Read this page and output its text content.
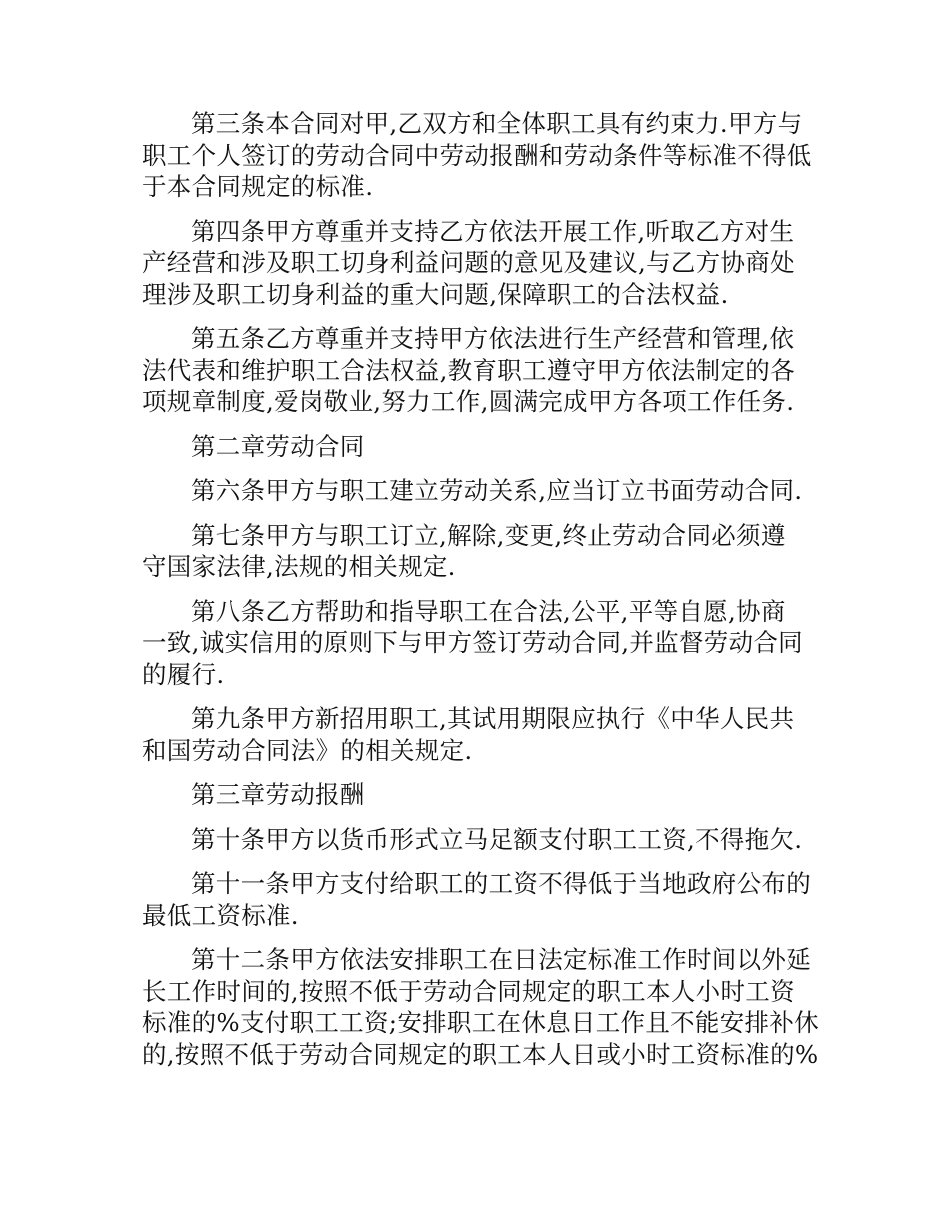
第三条本合同对甲,乙双方和全体职工具有约束力.甲方与
职工个人签订的劳动合同中劳动报酬和劳动条件等标准不得低
于本合同规定的标准.

第四条甲方尊重并支持乙方依法开展工作,听取乙方对生
产经营和涉及职工切身利益问题的意见及建议,与乙方协商处
理涉及职工切身利益的重大问题,保障职工的合法权益.

第五条乙方尊重并支持甲方依法进行生产经营和管理,依
法代表和维护职工合法权益,教育职工遵守甲方依法制定的各
项规章制度,爱岗敬业,努力工作,圆满完成甲方各项工作任务.

第二章劳动合同

第六条甲方与职工建立劳动关系,应当订立书面劳动合同.

第七条甲方与职工订立,解除,变更,终止劳动合同必须遵
守国家法律,法规的相关规定.

第八条乙方帮助和指导职工在合法,公平,平等自愿,协商
一致,诚实信用的原则下与甲方签订劳动合同,并监督劳动合同
的履行.

第九条甲方新招用职工,其试用期限应执行《中华人民共
和国劳动合同法》的相关规定.

第三章劳动报酬

第十条甲方以货币形式立马足额支付职工工资,不得拖欠.

第十一条甲方支付给职工的工资不得低于当地政府公布的
最低工资标准.

第十二条甲方依法安排职工在日法定标准工作时间以外延
长工作时间的,按照不低于劳动合同规定的职工本人小时工资
标准的%支付职工工资;安排职工在休息日工作且不能安排补休
的,按照不低于劳动合同规定的职工本人日或小时工资标准的%
